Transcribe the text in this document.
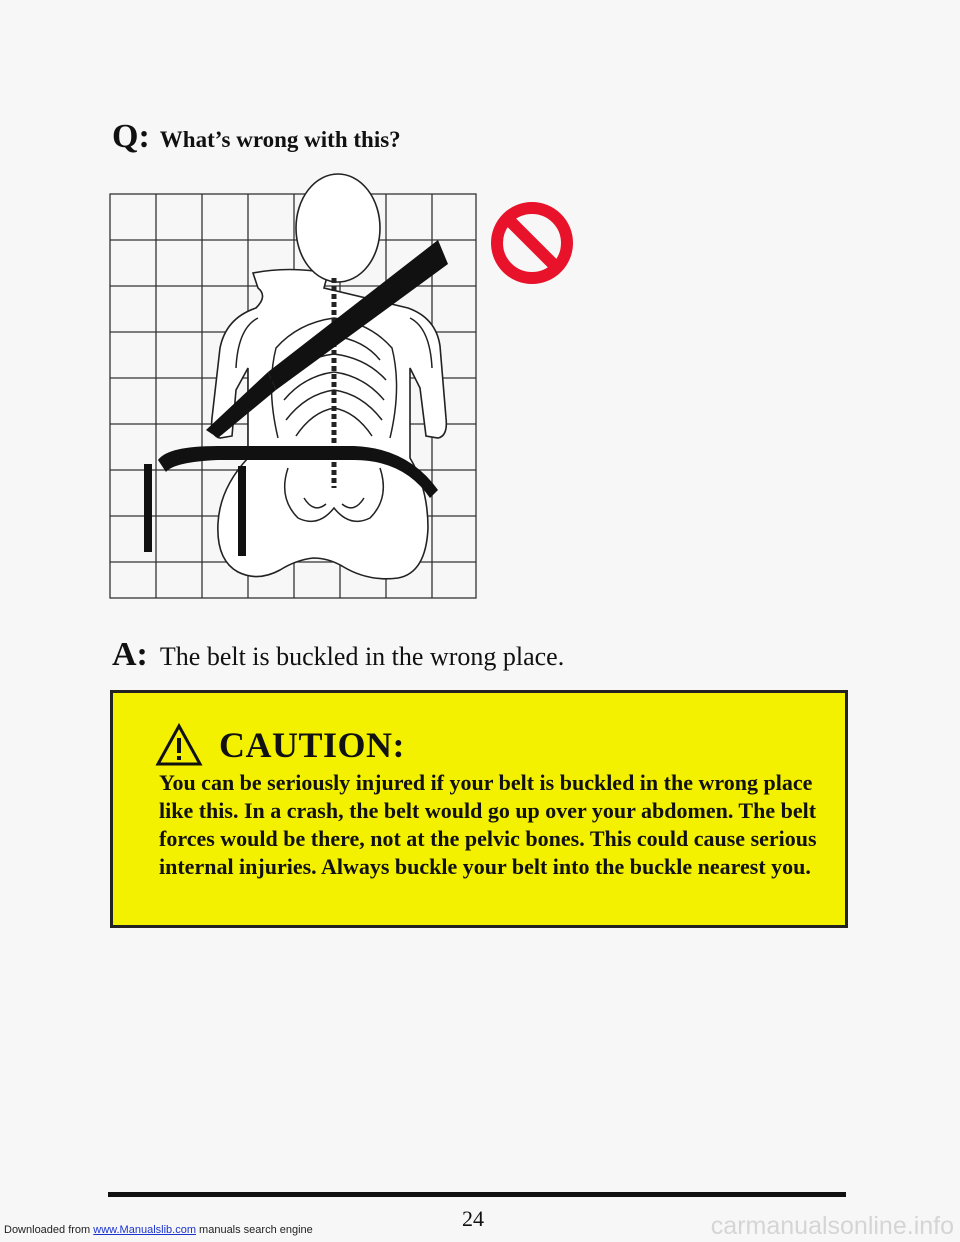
Q: What’s wrong with this?
A: The belt is buckled in the wrong place.
CAUTION:
You can be seriously injured if your belt is buckled in the wrong place like this. In a crash, the belt would go up over your abdomen. The belt forces would be there, not at the pelvic bones. This could cause serious internal injuries. Always buckle your belt into the buckle nearest you.
24
Downloaded from www.Manualslib.com manuals search engine	carmanualsonline.info
